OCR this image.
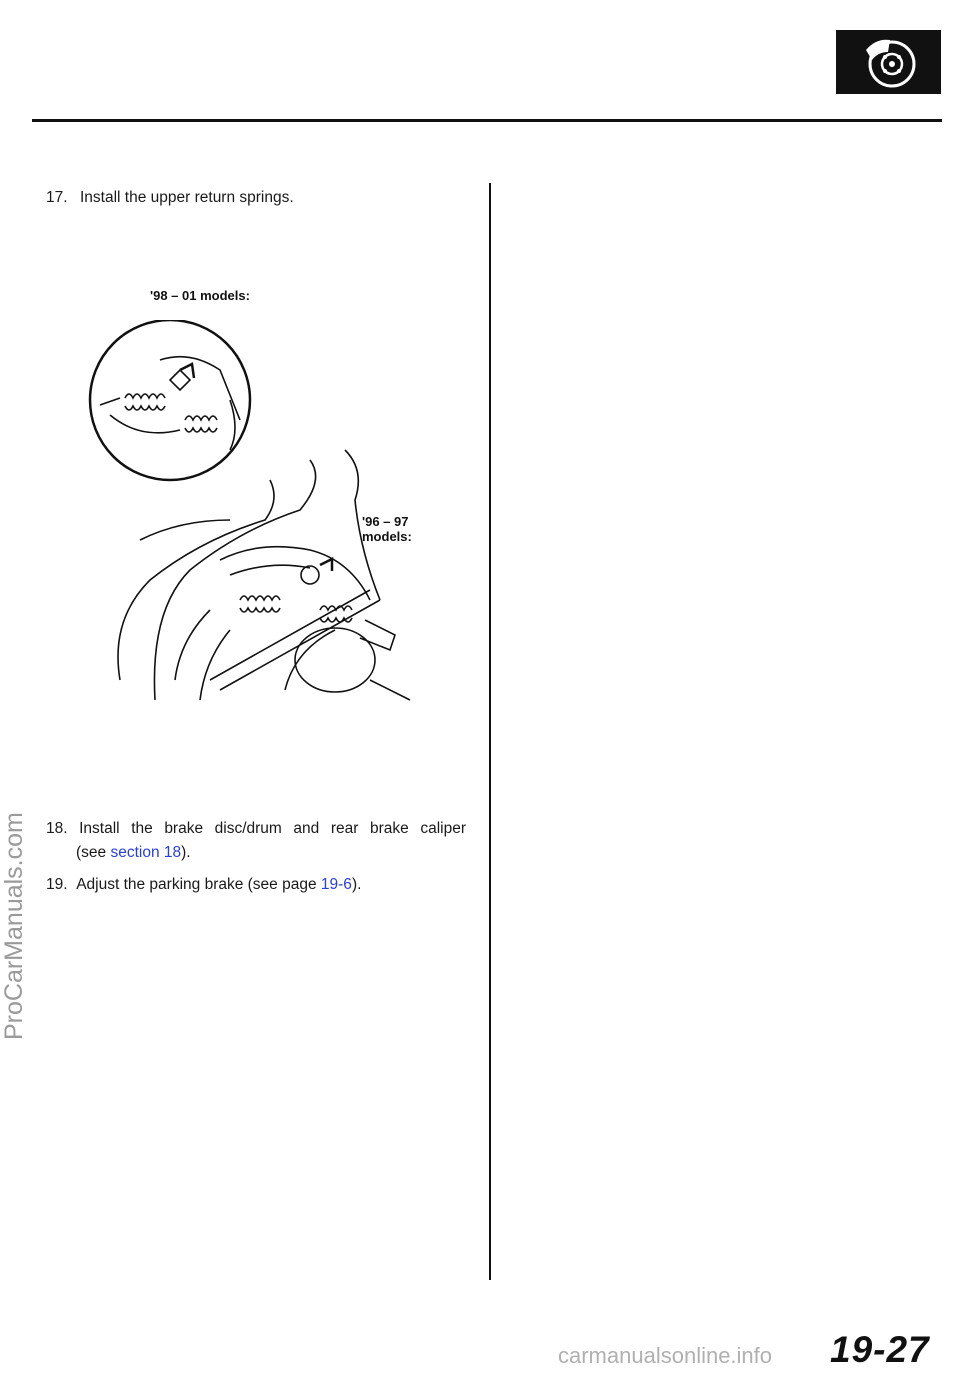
17. Install the upper return springs.
'98 – 01 models:
'96 – 97
models:
18. Install the brake disc/drum and rear brake caliper
(see section 18).
19. Adjust the parking brake (see page 19-6).
ProCarManuals.com
carmanualsonline.info 19-27
